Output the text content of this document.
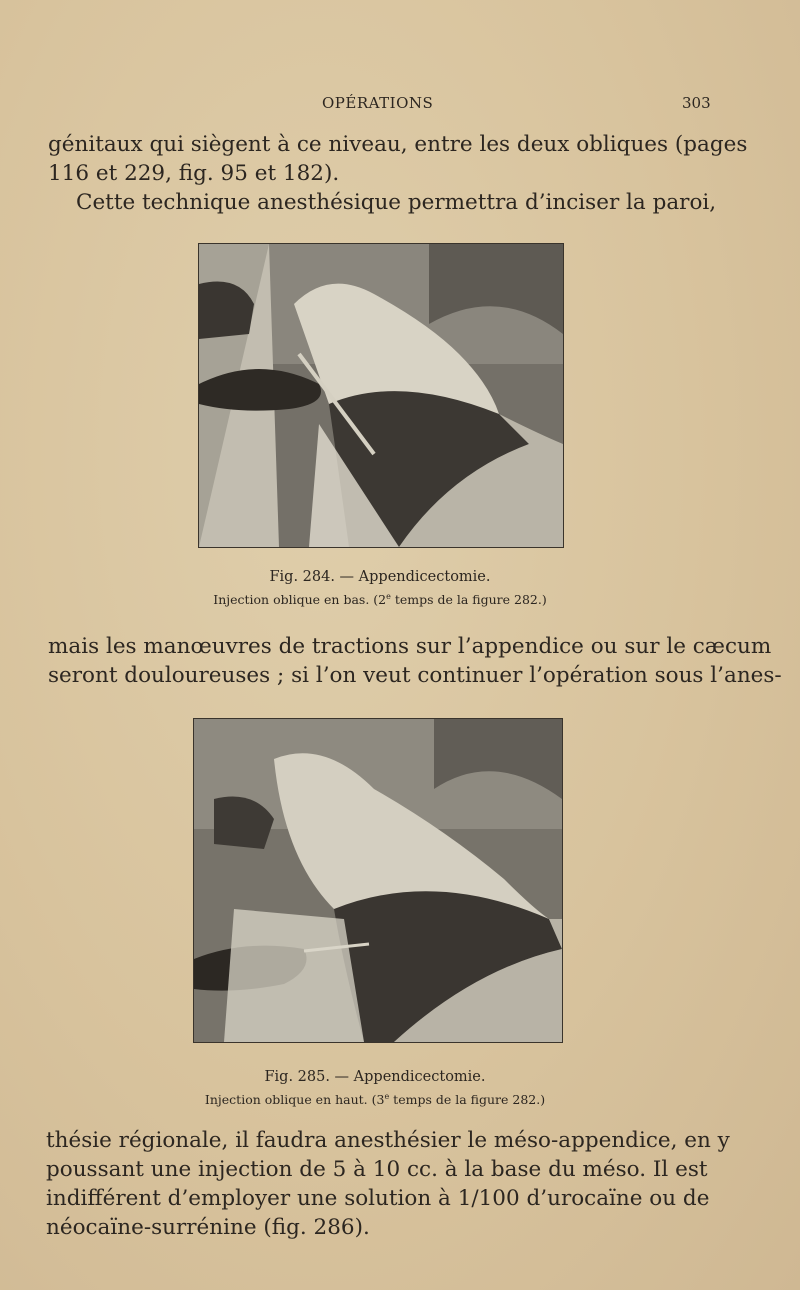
OPÉRATIONS	303
génitaux qui siègent à ce niveau, entre les deux obliques (pages
116 et 229, fig. 95 et 182).
Cette technique anesthésique permettra d’inciser la paroi,
Fig. 284. — Appendicectomie.
Injection oblique en bas. (2e temps de la figure 282.)
mais les manœuvres de tractions sur l’appendice ou sur le cæcum
seront douloureuses ; si l’on veut continuer l’opération sous l’anes-
Fig. 285. — Appendicectomie.
Injection oblique en haut. (3e temps de la figure 282.)
thésie régionale, il faudra anesthésier le méso-appendice, en y
poussant une injection de 5 à 10 cc. à la base du méso. Il est
indifférent d’employer une solution à 1/100 d’urocaïne ou de
néocaïne-surrénine (fig. 286).
